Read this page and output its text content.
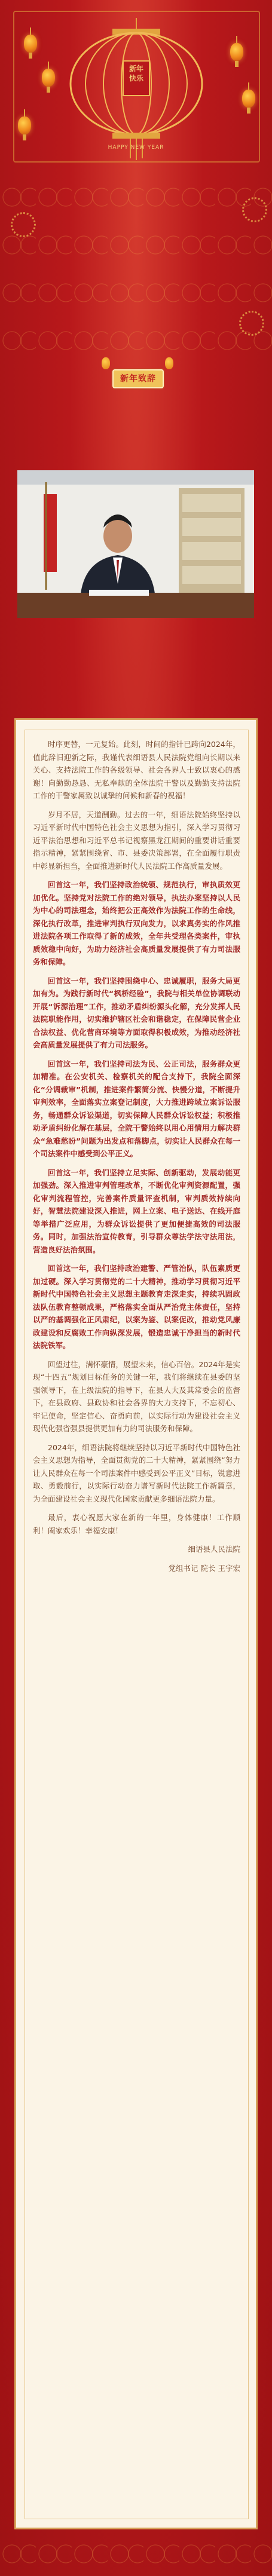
新年
快乐
HAPPY NEW YEAR
新年致辞

时序更替，一元复始。此刻，时间的指针已跨向2024年，值此辞旧迎新之际，我谨代表细语县人民法院党组向长期以来关心、支持法院工作的各级领导、社会各界人士致以衷心的感谢！向勤勤恳恳、无私奉献的全体法院干警以及勤勤支持法院工作的干警家属致以诚挚的问候和新春的祝福！

岁月不居，天道酬勤。过去的一年，细语法院始终坚持以习近平新时代中国特色社会主义思想为指引，深入学习贯彻习近平法治思想和习近平总书记视察黑龙江期间的重要讲话重要指示精神，紧紧围绕省、市、县委决策部署，在全面履行职责中彰显新担当，全面推进新时代人民法院工作高质量发展。

回首这一年，我们坚持政治统领、规范执行，审执质效更加优化。坚持党对法院工作的绝对领导，执法办案坚持以人民为中心的司法理念，始终把公正高效作为法院工作的生命线，深化执行改革，推进审判执行双向发力，以求真务实的作风推进法院各项工作取得了新的成效，全年共受理各类案件，审执质效稳中向好，为助力经济社会高质量发展提供了有力司法服务和保障。

回首这一年，我们坚持围绕中心、忠诚履职，服务大局更加有为。为践行新时代“枫桥经验”，我院与相关单位协调联动开展“诉源治理”工作，推动矛盾纠纷源头化解，充分发挥人民法院职能作用，切实维护辖区社会和谐稳定，在保障民营企业合法权益、优化营商环境等方面取得积极成效，为推动经济社会高质量发展提供了有力司法服务。

回首这一年，我们坚持司法为民、公正司法，服务群众更加精准。在公安机关、检察机关的配合支持下，我院全面深化“分调裁审”机制，推进案件繁简分流、快慢分道，不断提升审判效率，全面落实立案登记制度，大力推进跨域立案诉讼服务，畅通群众诉讼渠道，切实保障人民群众诉讼权益；积极推动矛盾纠纷化解在基层，全院干警始终以用心用情用力解决群众“急难愁盼”问题为出发点和落脚点，切实让人民群众在每一个司法案件中感受到公平正义。

回首这一年，我们坚持立足实际、创新驱动，发展动能更加强劲。深入推进审判管理改革，不断优化审判资源配置，强化审判流程管控，完善案件质量评查机制，审判质效持续向好，智慧法院建设深入推进，网上立案、电子送达、在线开庭等举措广泛应用，为群众诉讼提供了更加便捷高效的司法服务。同时，加强法治宣传教育，引导群众尊法学法守法用法，营造良好法治氛围。

回首这一年，我们坚持政治建警、严管治队，队伍素质更加过硬。深入学习贯彻党的二十大精神，推动学习贯彻习近平新时代中国特色社会主义思想主题教育走深走实，持续巩固政法队伍教育整顿成果，严格落实全面从严治党主体责任，坚持以严的基调强化正风肃纪，以案为鉴、以案促改，推动党风廉政建设和反腐败工作向纵深发展，锻造忠诚干净担当的新时代法院铁军。

回望过往，满怀豪情，展望未来，信心百倍。2024年是实现“十四五”规划目标任务的关键一年，我们将继续在县委的坚强领导下，在上级法院的指导下，在县人大及其常委会的监督下，在县政府、县政协和社会各界的大力支持下，不忘初心、牢记使命，坚定信心、奋勇向前，以实际行动为建设社会主义现代化强省强县提供更加有力的司法服务和保障。

2024年，细语法院将继续坚持以习近平新时代中国特色社会主义思想为指导，全面贯彻党的二十大精神，紧紧围绕“努力让人民群众在每一个司法案件中感受到公平正义”目标，锐意进取、勇毅前行，以实际行动奋力谱写新时代法院工作新篇章，为全面建设社会主义现代化国家贡献更多细语法院力量。

最后，衷心祝愿大家在新的一年里，身体健康！工作顺利！阖家欢乐！幸福安康！

细语县人民法院

党组书记 院长 王宇宏
